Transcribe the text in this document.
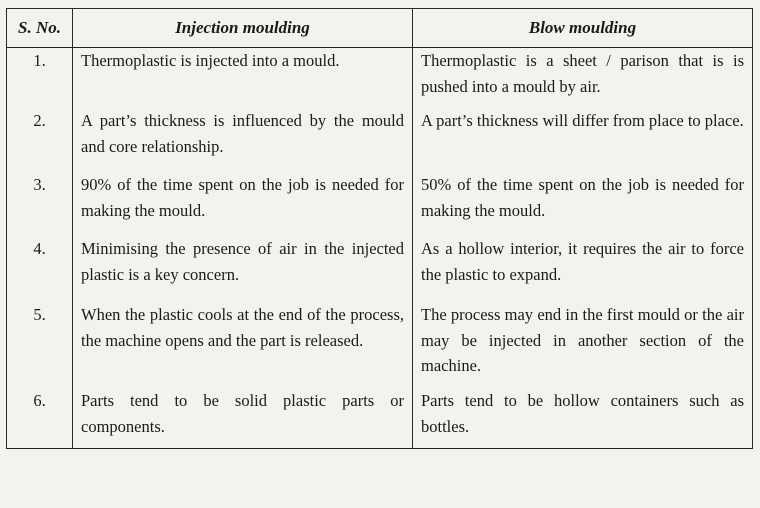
S. No.	Injection moulding	Blow moulding
1.	Thermoplastic is injected into a mould.	Thermoplastic is a sheet / parison that is is pushed into a mould by air.
2.	A part’s thickness is influenced by the mould and core relationship.	A part’s thickness will differ from place to place.
3.	90% of the time spent on the job is needed for making the mould.	50% of the time spent on the job is needed for making the mould.
4.	Minimising the presence of air in the injected plastic is a key concern.	As a hollow interior, it requires the air to force the plastic to expand.
5.	When the plastic cools at the end of the process, the machine opens and the part is released.	The process may end in the first mould or the air may be injected in another section of the machine.
6.	Parts tend to be solid plastic parts or components.	Parts tend to be hollow containers such as bottles.
